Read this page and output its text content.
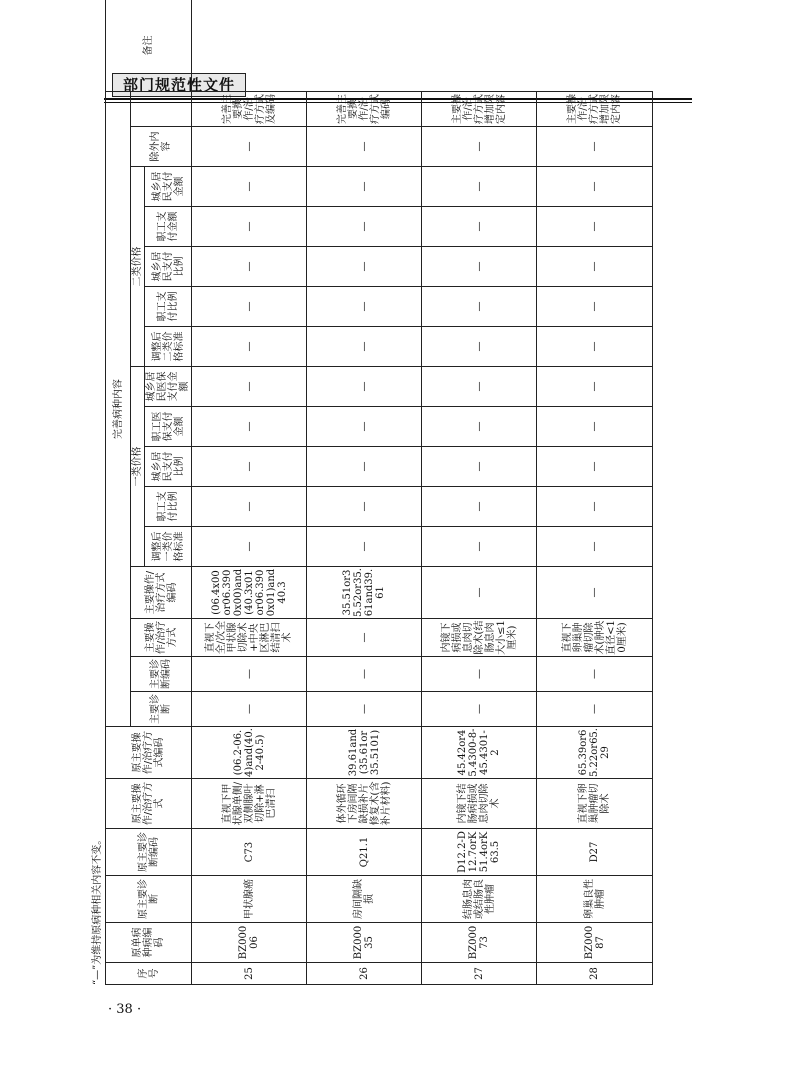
部门规范性文件
序号	原单病种病编码	原主要诊断	原主要诊断编码	原主要操作/治疗方式	原主要操作/治疗方式编码	完善病种内容																备注
						主要诊断	主要诊断编码	主要操作/治疗方式	主要操作/治疗方式编码	一类价格					二类价格					除外内容		
										调整后一类价格标准	职工支付比例	城乡居民支付比例	职工医保支付金额	城乡居民医保支付金额	调整后二类价格标准	职工支付比例	城乡居民支付比例	职工支付金额	城乡居民支付金额			
25	BZ00006	甲状腺癌	C73	直视下甲状腺单侧/双侧腺叶切除+淋巴清扫	(06.2-06.4)and(40.2-40.5)	—	—	直视下全/次全甲状腺切除术+中央区淋巴结清扫术	(06.4x00or06.3900x00)and(40.3x01or06.3900x01)and40.3	—	—	—	—	—	—	—	—	—	—	—	完善主要操作/治疗方式及编码	
26	BZ00035	房间隔缺损	Q21.1	体外循环下房间隔缺损补片修复术(含补片材料)	39.61and(35.61or35.5101)	—	—	—	35.51or35.52or35.61and39.61	—	—	—	—	—	—	—	—	—	—	—	完善主要操作/治疗方式编码	
27	BZ00073	结肠息肉或结肠良性肿瘤	D12.2-D12.7orK51.4orK63.5	内镜下结肠病损或息肉切除术	45.42or45.4300-8-45.4301-2	—	—	内镜下病损或息肉切除术(结肠息肉大小≤1厘米)	—	—	—	—	—	—	—	—	—	—	—	—	主要操作/治疗方式增加限定内容	
28	BZ00087	卵巢良性肿瘤	D27	直视下卵巢肿瘤切除术	65.39or65.22or65.29	—	—	直视下卵巢肿瘤切除术(肿块直径<10厘米)	—	—	—	—	—	—	—	—	—	—	—	—	主要操作/治疗方式增加限定内容	
“—”为维持原病种相关内容不变。
· 38 ·
